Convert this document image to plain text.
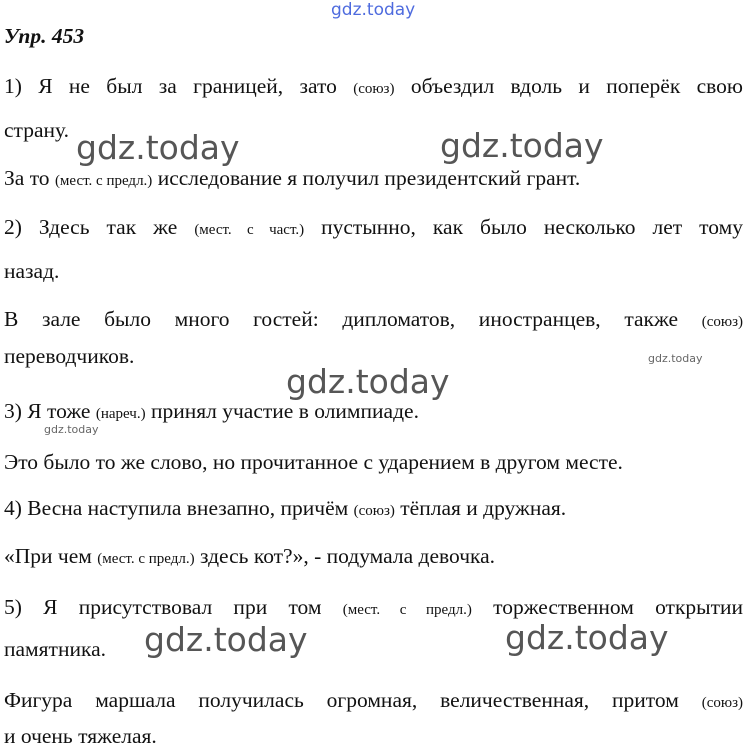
gdz.today
gdz.today	gdz.today
gdz.today
gdz.today
gdz.today
gdz.today	gdz.today
Упр. 453
1) Я не был за границей, зато (союз) объездил вдоль и поперёк свою
страну.
За то (мест. с предл.) исследование я получил президентский грант.
2) Здесь так же (мест. с част.) пустынно, как было несколько лет тому
назад.
В зале было много гостей: дипломатов, иностранцев, также (союз)
переводчиков.
3) Я тоже (нареч.) принял участие в олимпиаде.
Это было то же слово, но прочитанное с ударением в другом месте.
4) Весна наступила внезапно, причём (союз) тёплая и дружная.
«При чем (мест. с предл.) здесь кот?», - подумала девочка.
5) Я присутствовал при том (мест. с предл.) торжественном открытии
памятника.
Фигура маршала получилась огромная, величественная, притом (союз)
и очень тяжелая.
